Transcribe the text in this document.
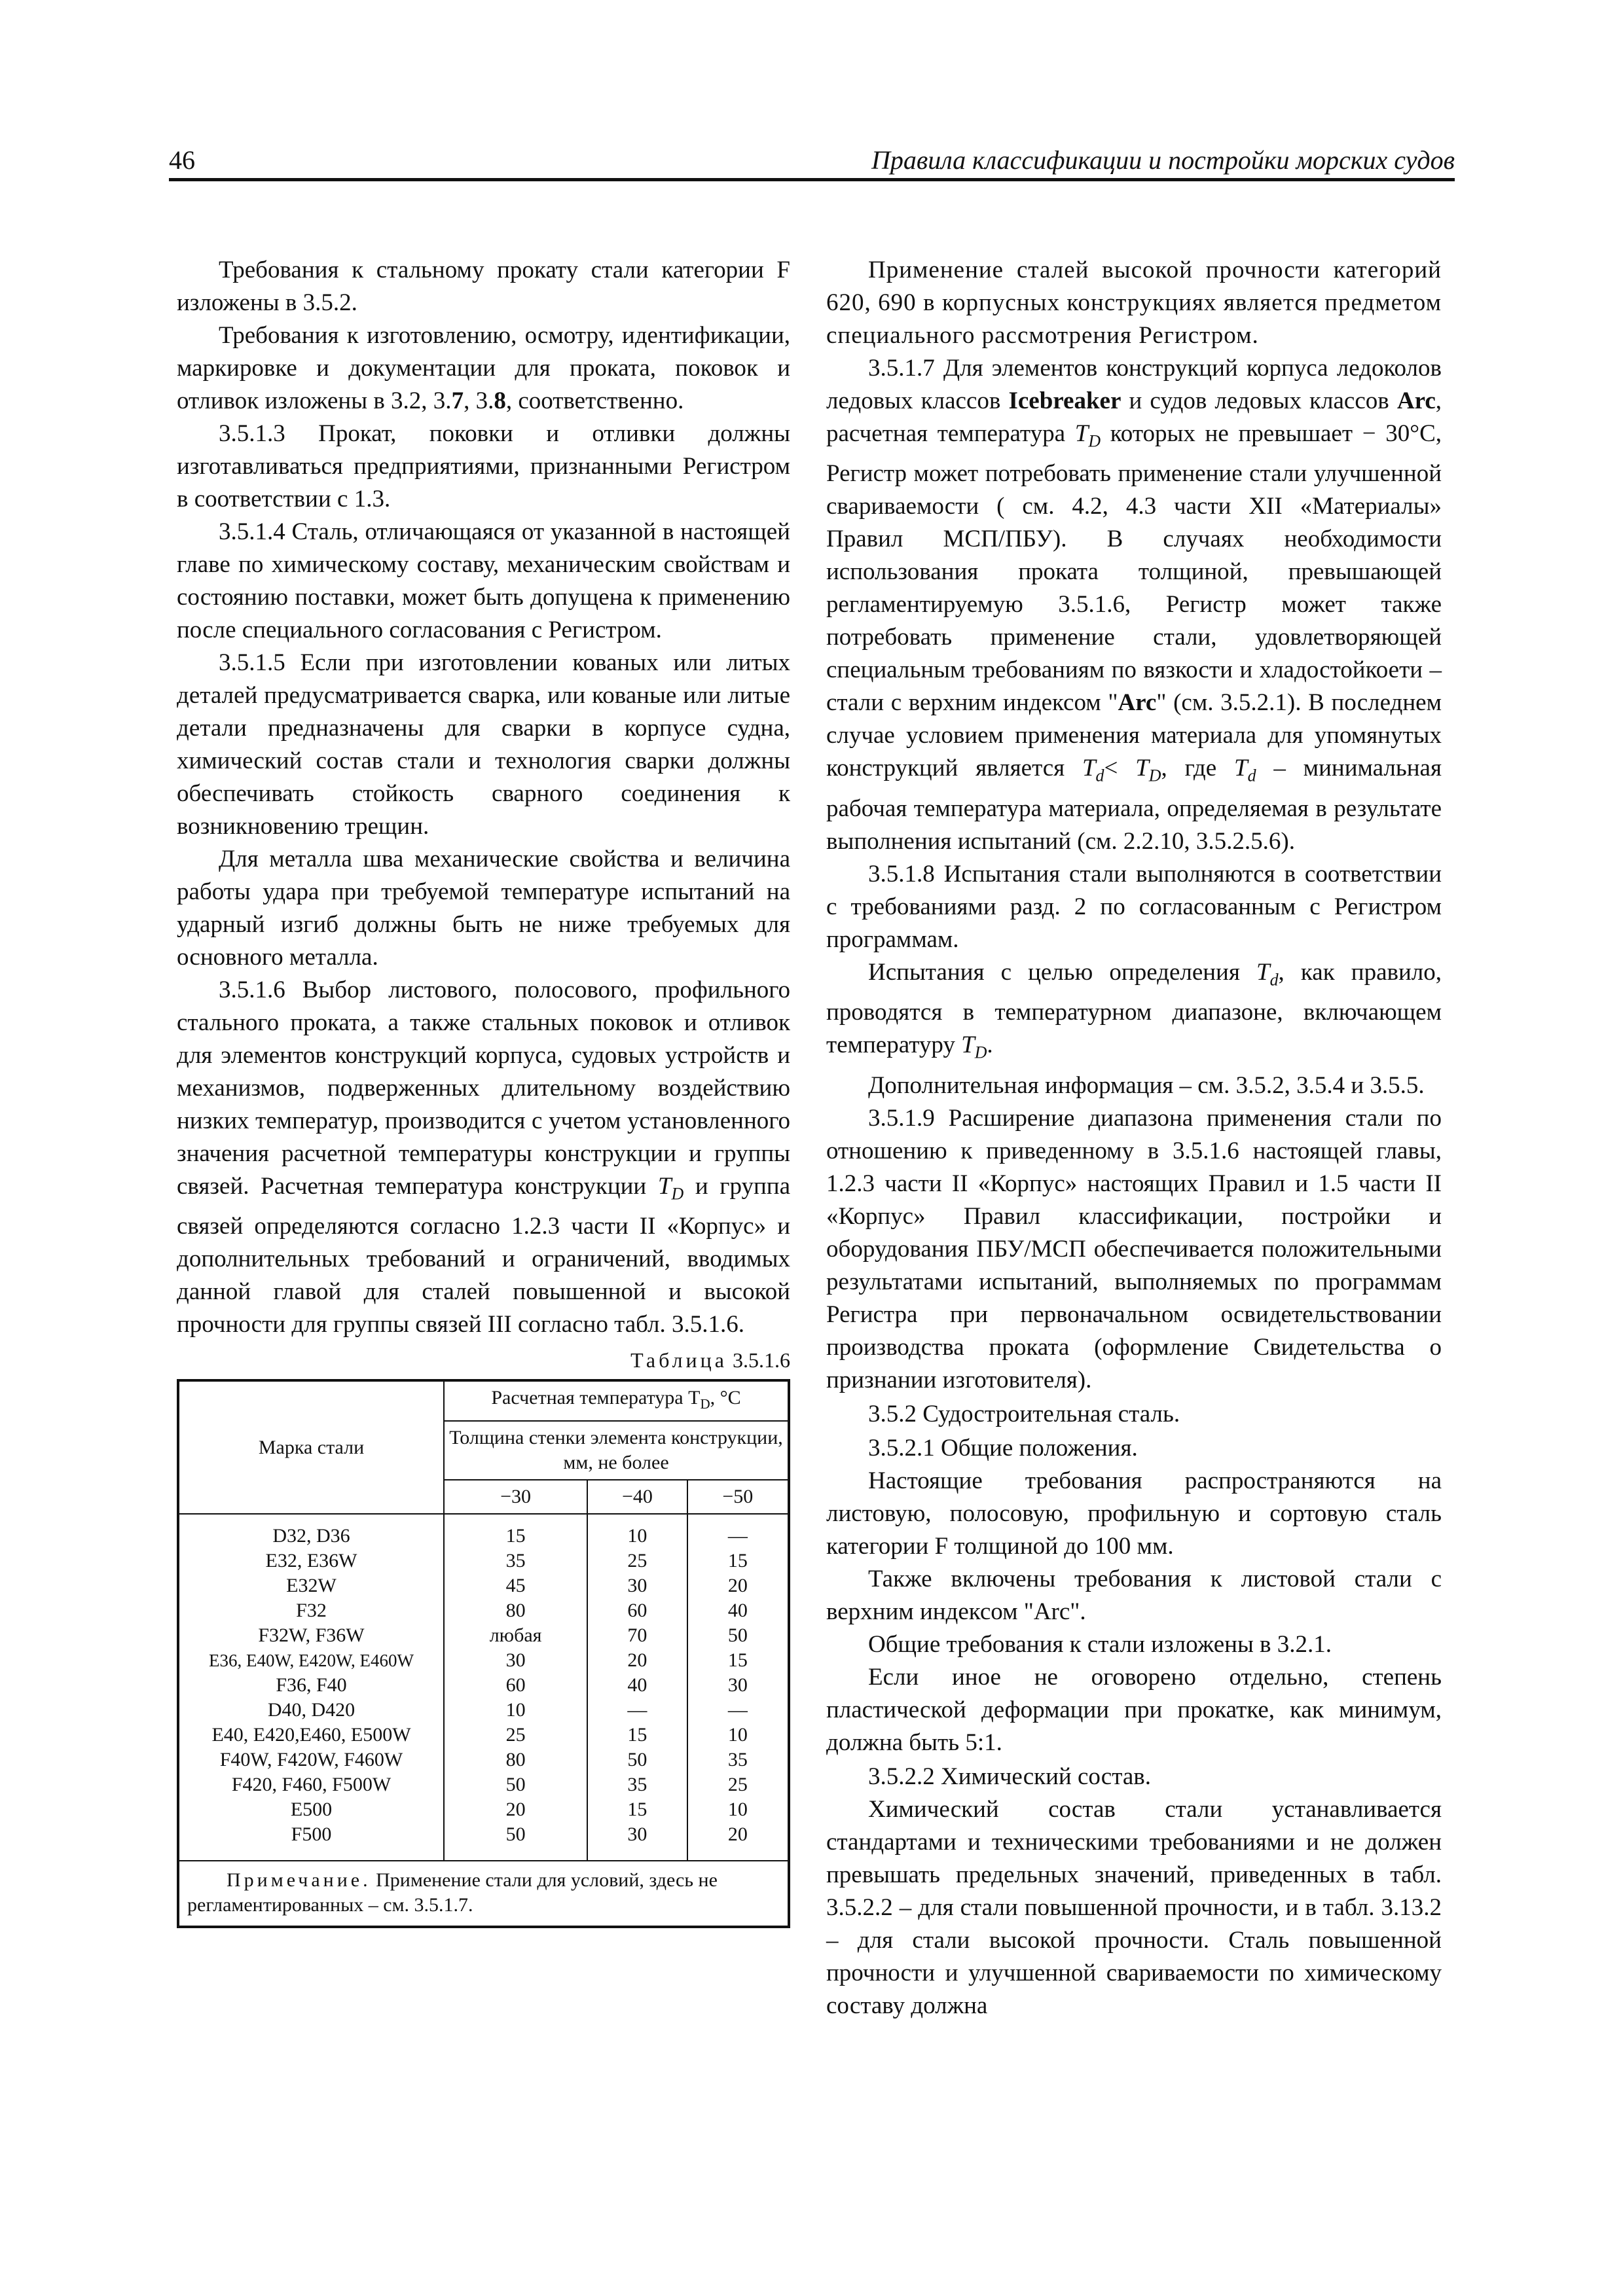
46	Правила классификации и постройки морских судов

Требования к стальному прокату стали категории F изложены в 3.5.2.

Требования к изготовлению, осмотру, идентификации, маркировке и документации для проката, поковок и отливок изложены в 3.2, 3.7, 3.8, соответственно.

3.5.1.3 Прокат, поковки и отливки должны изготавливаться предприятиями, признанными Регистром в соответствии с 1.3.

3.5.1.4 Сталь, отличающаяся от указанной в настоящей главе по химическому составу, механическим свойствам и состоянию поставки, может быть допущена к применению после специального согласования с Регистром.

3.5.1.5 Если при изготовлении кованых или литых деталей предусматривается сварка, или кованые или литые детали предназначены для сварки в корпусе судна, химический состав стали и технология сварки должны обеспечивать стойкость сварного соединения к возникновению трещин.

Для металла шва механические свойства и величина работы удара при требуемой температуре испытаний на ударный изгиб должны быть не ниже требуемых для основного металла.

3.5.1.6 Выбор листового, полосового, профильного стального проката, а также стальных поковок и отливок для элементов конструкций корпуса, судовых устройств и механизмов, подверженных длительному воздействию низких температур, производится с учетом установленного значения расчетной температуры конструкции и группы связей. Расчетная температура конструкции $T_D$ и группа связей определяются согласно 1.2.3 части II «Корпус» и дополнительных требований и ограничений, вводимых данной главой для сталей повышенной и высокой прочности для группы связей III согласно табл. 3.5.1.6.

Таблица 3.5.1.6
Марка стали	Расчетная температура $T_D$, °C		
	Толщина стенки элемента конструкции, мм, не более		
	−30	−40	−50
D32, D36	15	10	—
E32, E36W	35	25	15
E32W	45	30	20
F32	80	60	40
F32W, F36W	любая	70	50
E36, E40W, E420W, E460W	30	20	15
F36, F40	60	40	30
D40, D420	10	—	—
E40, E420,E460, E500W	25	15	10
F40W, F420W, F460W	80	50	35
F420, F460, F500W	50	35	25
E500	20	15	10
F500	50	30	20
Примечание. Применение стали для условий, здесь не регламентированных – см. 3.5.1.7.			

Применение сталей высокой прочности категорий 620, 690 в корпусных конструкциях является предметом специального рассмотрения Регистром.

3.5.1.7 Для элементов конструкций корпуса ледоколов ледовых классов Icebreaker и судов ледовых классов Arc, расчетная температура $T_D$ которых не превышает − 30°С, Регистр может потребовать применение стали улучшенной свариваемости ( см. 4.2, 4.3 части XII «Материалы» Правил МСП/ПБУ). В случаях необходимости использования проката толщиной, превышающей регламентируемую 3.5.1.6, Регистр может также потребовать применение стали, удовлетворяющей специальным требованиям по вязкости и хладостойкоети – стали с верхним индексом "Arc" (см. 3.5.2.1). В последнем случае условием применения материала для упомянутых конструкций является $T_d< T_D$, где $T_d$ – минимальная рабочая температура материала, определяемая в результате выполнения испытаний (см. 2.2.10, 3.5.2.5.6).

3.5.1.8 Испытания стали выполняются в соответствии с требованиями разд. 2 по согласованным с Регистром программам.

Испытания с целью определения $T_d$, как правило, проводятся в температурном диапазоне, включающем температуру $T_D$.

Дополнительная информация – см. 3.5.2, 3.5.4 и 3.5.5.

3.5.1.9 Расширение диапазона применения стали по отношению к приведенному в 3.5.1.6 настоящей главы, 1.2.3 части II «Корпус» настоящих Правил и 1.5 части II «Корпус» Правил классификации, постройки и оборудования ПБУ/МСП обеспечивается положительными результатами испытаний, выполняемых по программам Регистра при первоначальном освидетельствовании производства проката (оформление Свидетельства о признании изготовителя).

3.5.2 Судостроительная сталь.

3.5.2.1 Общие положения.

Настоящие требования распространяются на листовую, полосовую, профильную и сортовую сталь категории F толщиной до 100 мм.

Также включены требования к листовой стали с верхним индексом "Arc".

Общие требования к стали изложены в 3.2.1.

Если иное не оговорено отдельно, степень пластической деформации при прокатке, как минимум, должна быть 5:1.

3.5.2.2 Химический состав.

Химический состав стали устанавливается стандартами и техническими требованиями и не должен превышать предельных значений, приведенных в табл. 3.5.2.2 – для стали повышенной прочности, и в табл. 3.13.2 – для стали высокой прочности. Сталь повышенной прочности и улучшенной свариваемости по химическому составу должна
